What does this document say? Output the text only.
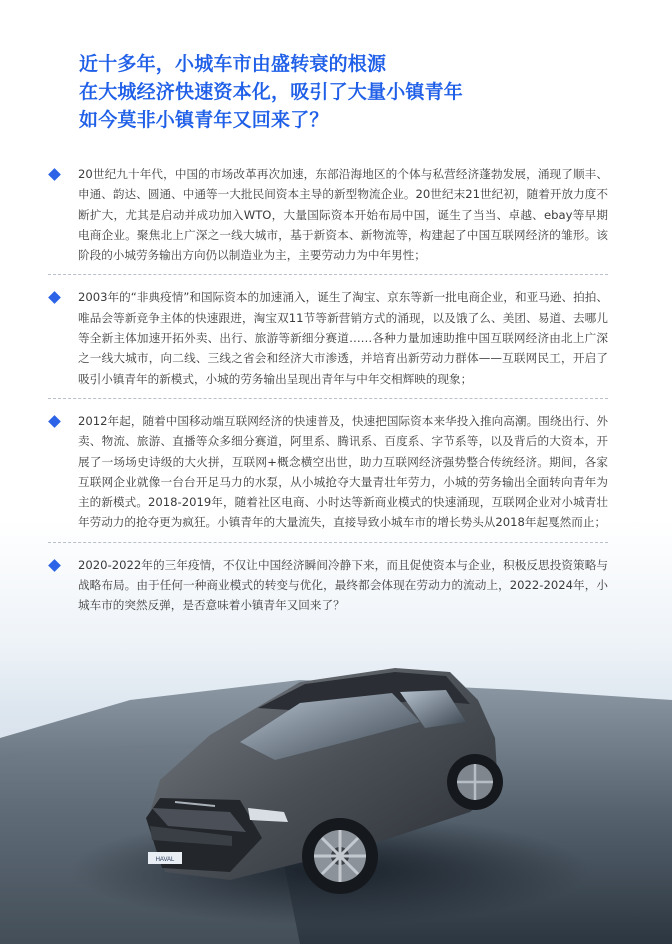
HAVAL
近十多年，小城车市由盛转衰的根源
在大城经济快速资本化，吸引了大量小镇青年
如今莫非小镇青年又回来了？

20世纪九十年代，中国的市场改革再次加速，东部沿海地区的个体与私营经济蓬勃发展，涌现了顺丰、申通、韵达、圆通、中通等一大批民间资本主导的新型物流企业。20世纪末21世纪初，随着开放力度不断扩大，尤其是启动并成功加入WTO，大量国际资本开始布局中国，诞生了当当、卓越、ebay等早期电商企业。聚焦北上广深之一线大城市，基于新资本、新物流等，构建起了中国互联网经济的雏形。该阶段的小城劳务输出方向仍以制造业为主，主要劳动力为中年男性；

2003年的“非典疫情”和国际资本的加速涌入，诞生了淘宝、京东等新一批电商企业，和亚马逊、拍拍、唯品会等新竞争主体的快速跟进，淘宝双11节等新营销方式的涌现，以及饿了么、美团、易道、去哪儿等全新主体加速开拓外卖、出行、旅游等新细分赛道……各种力量加速助推中国互联网经济由北上广深之一线大城市，向二线、三线之省会和经济大市渗透，并培育出新劳动力群体——互联网民工，开启了吸引小镇青年的新模式，小城的劳务输出呈现出青年与中年交相辉映的现象；

2012年起，随着中国移动端互联网经济的快速普及，快速把国际资本来华投入推向高潮。围绕出行、外卖、物流、旅游、直播等众多细分赛道，阿里系、腾讯系、百度系、字节系等，以及背后的大资本，开展了一场场史诗级的大火拼，互联网+概念横空出世，助力互联网经济强势整合传统经济。期间，各家互联网企业就像一台台开足马力的水泵，从小城抢夺大量青壮年劳力，小城的劳务输出全面转向青年为主的新模式。2018-2019年，随着社区电商、小时达等新商业模式的快速涌现，互联网企业对小城青壮年劳动力的抢夺更为疯狂。小镇青年的大量流失，直接导致小城车市的增长势头从2018年起戛然而止；

2020-2022年的三年疫情，不仅让中国经济瞬间冷静下来，而且促使资本与企业，积极反思投资策略与战略布局。由于任何一种商业模式的转变与优化，最终都会体现在劳动力的流动上，2022-2024年，小城车市的突然反弹，是否意味着小镇青年又回来了？
